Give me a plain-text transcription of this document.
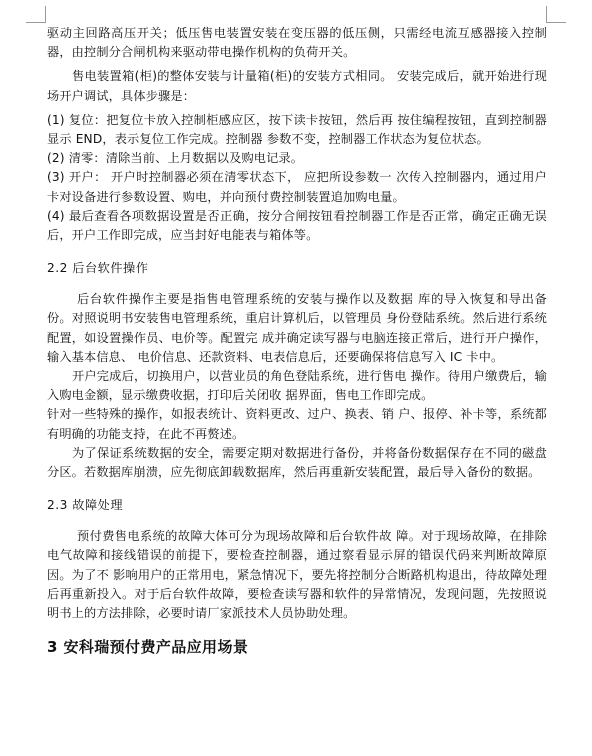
驱动主回路高压开关；低压售电装置安装在变压器的低压侧，只需经电流互感器接入控制器，由控制分合闸机构来驱动带电操作机构的负荷开关。

售电装置箱(柜)的整体安装与计量箱(柜)的安装方式相同。 安装完成后，就开始进行现场开户调试，具体步骤是：

(1) 复位：把复位卡放入控制柜感应区，按下读卡按钮，然后再 按住编程按钮，直到控制器显示 END，表示复位工作完成。控制器 参数不变，控制器工作状态为复位状态。

(2) 清零：清除当前、上月数据以及购电记录。

(3) 开户： 开户时控制器必须在清零状态下， 应把所设参数一 次传入控制器内，通过用户卡对设备进行参数设置、购电，并向预付费控制装置追加购电量。

(4) 最后查看各项数据设置是否正确，按分合闸按钮看控制器工作是否正常，确定正确无误后，开户工作即完成，应当封好电能表与箱体等。

2.2 后台软件操作

后台软件操作主要是指售电管理系统的安装与操作以及数据 库的导入恢复和导出备份。对照说明书安装售电管理系统，重启计算机后，以管理员 身份登陆系统。然后进行系统配置，如设置操作员、电价等。配置完 成并确定读写器与电脑连接正常后，进行开户操作，输入基本信息、 电价信息、还款资料、电表信息后，还要确保将信息写入 IC 卡中。

开户完成后，切换用户，以营业员的角色登陆系统，进行售电 操作。待用户缴费后，输入购电金额，显示缴费收据，打印后关闭收 据界面，售电工作即完成。

针对一些特殊的操作，如报表统计、资料更改、过户、换表、销 户、报停、补卡等，系统都有明确的功能支持，在此不再赘述。

为了保证系统数据的安全，需要定期对数据进行备份，并将备份数据保存在不同的磁盘分区。若数据库崩溃，应先彻底卸载数据库，然后再重新安装配置，最后导入备份的数据。

2.3 故障处理

预付费售电系统的故障大体可分为现场故障和后台软件故 障。对于现场故障，在排除电气故障和接线错误的前提下，要检查控制器，通过察看显示屏的错误代码来判断故障原因。为了不 影响用户的正常用电，紧急情况下，要先将控制分合断路机构退出，待故障处理后再重新投入。对于后台软件故障，要检查读写器和软件的异常情况，发现问题，先按照说明书上的方法排除，必要时请厂家派技术人员协助处理。

3 安科瑞预付费产品应用场景
